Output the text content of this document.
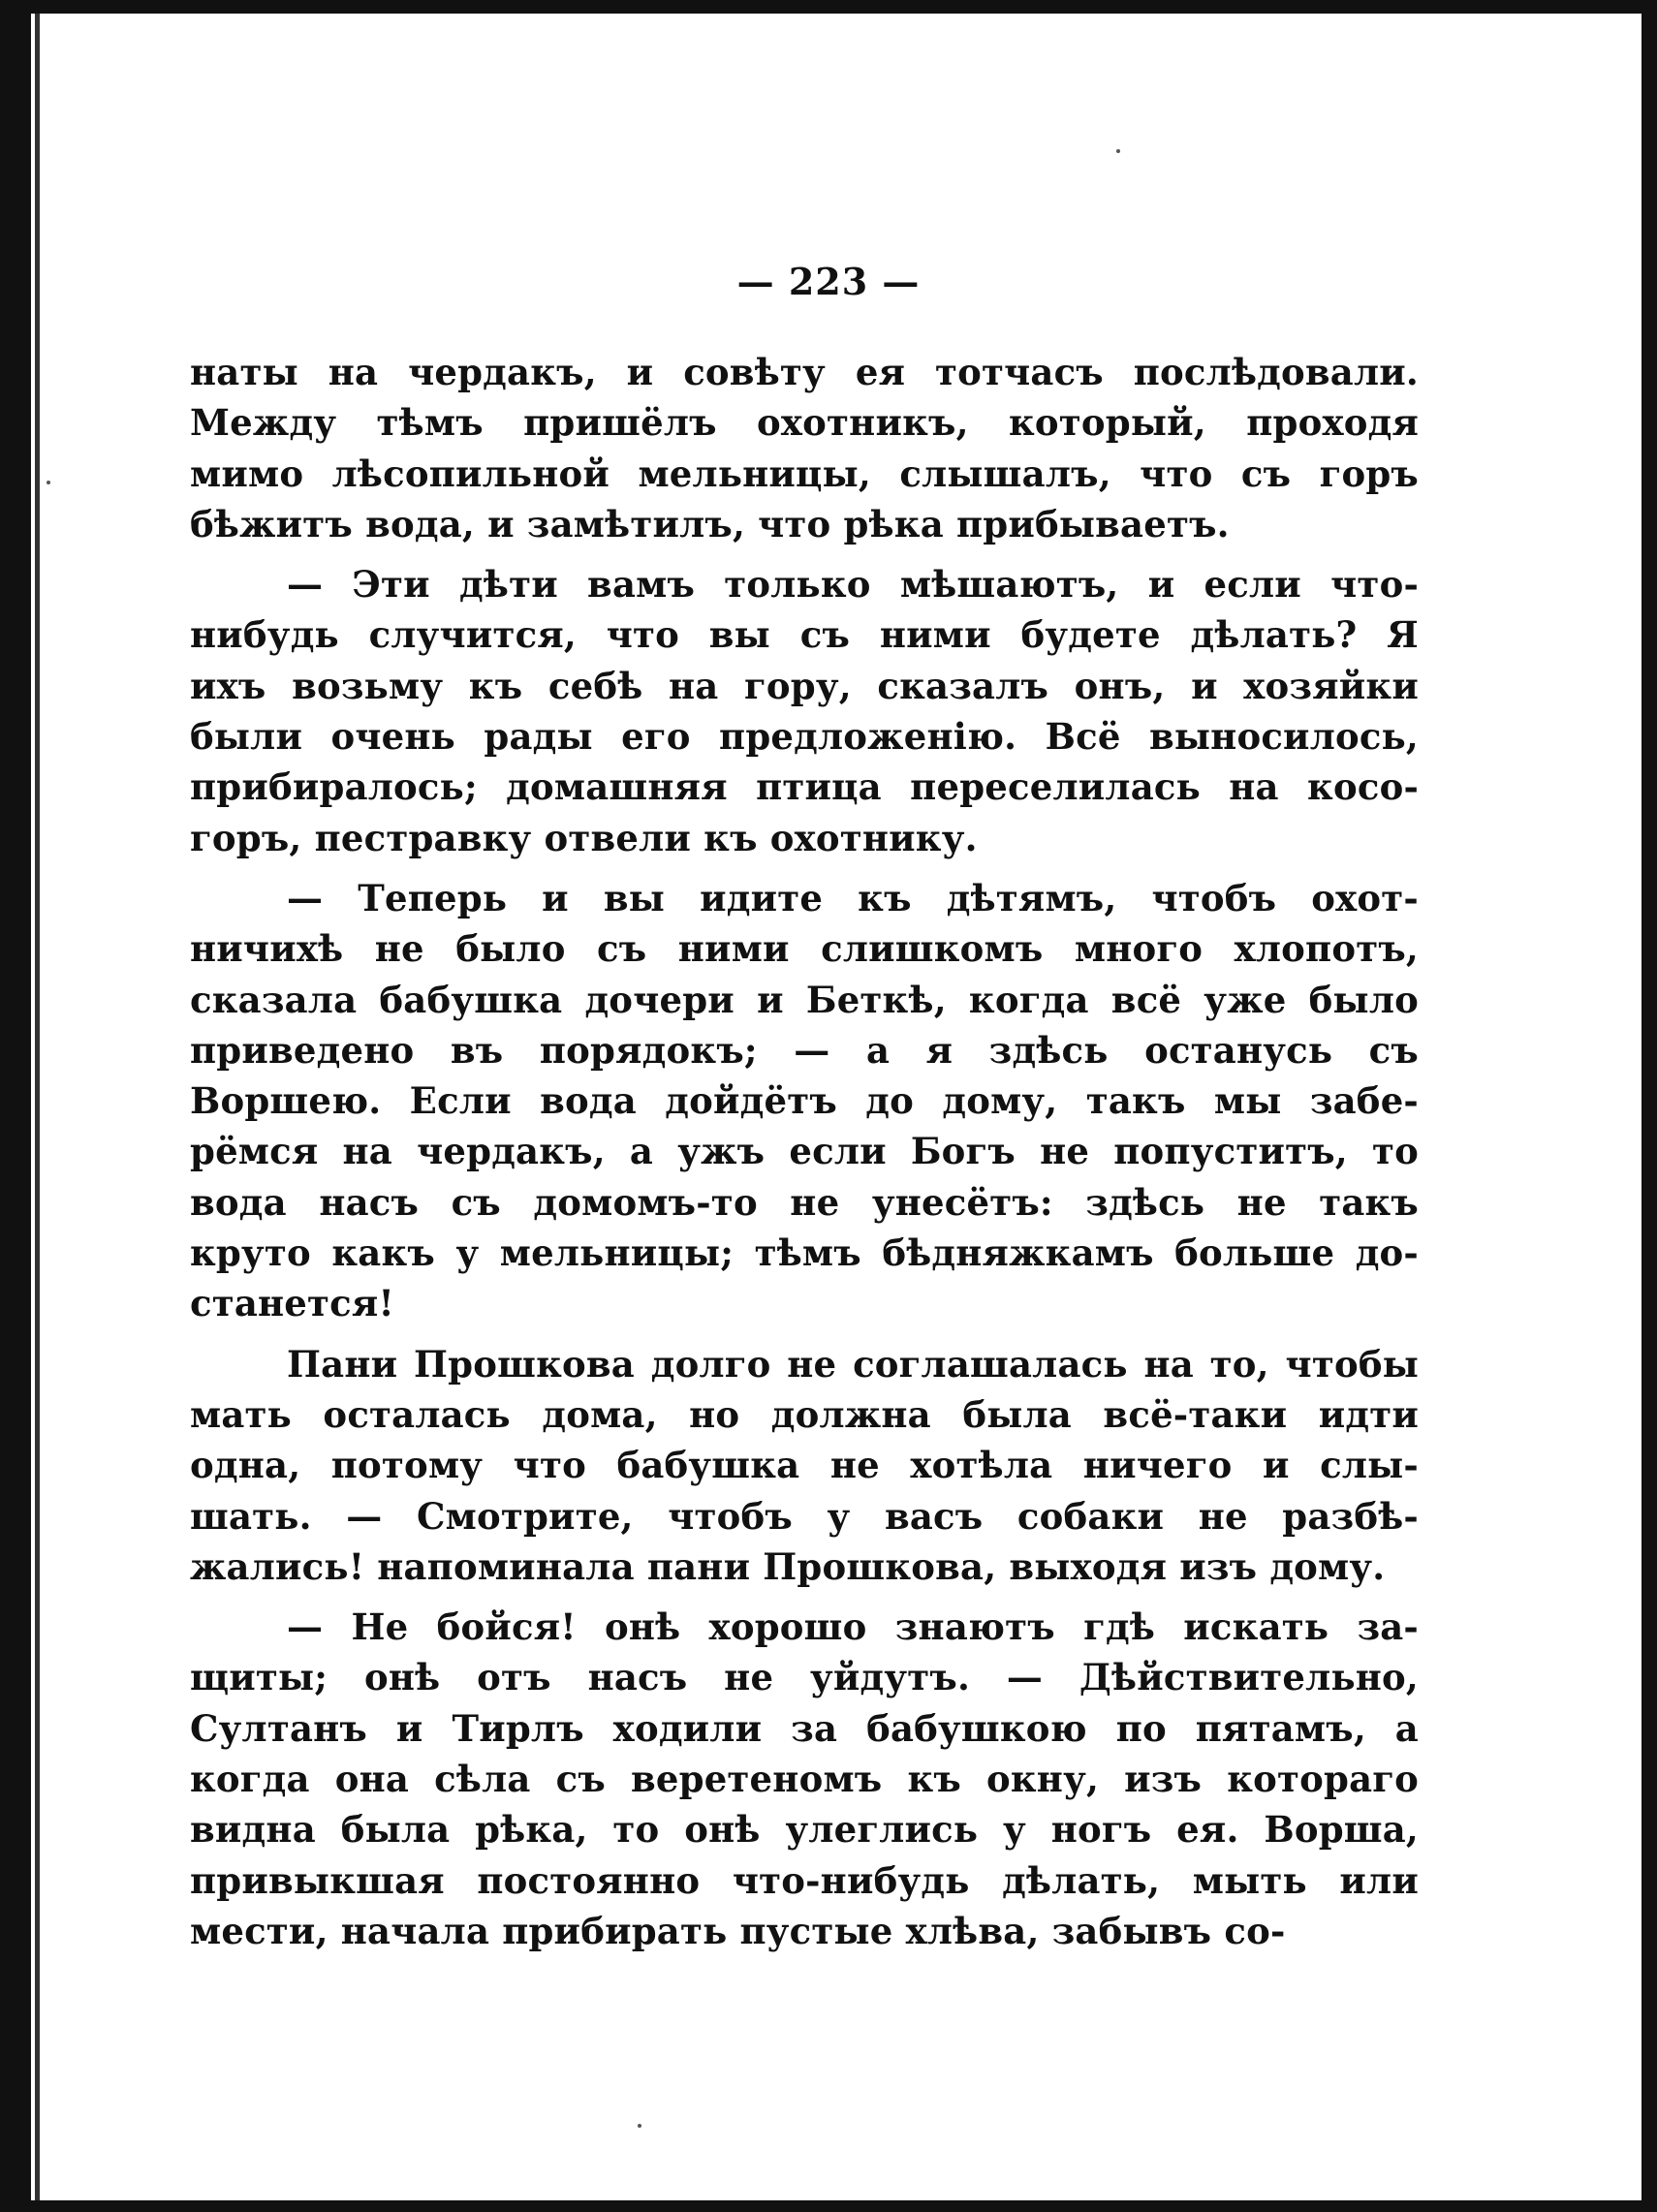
— 223 —
наты на чердакъ, и совѣту ея тотчасъ послѣдовали.
Между тѣмъ пришёлъ охотникъ, который, проходя
мимо лѣсопильной мельницы, слышалъ, что съ горъ
бѣжитъ вода, и замѣтилъ, что рѣка прибываетъ.
— Эти дѣти вамъ только мѣшаютъ, и если что-
нибудь случится, что вы съ ними будете дѣлать? Я
ихъ возьму къ себѣ на гору, сказалъ онъ, и хозяйки
были очень рады его предложенію. Всё выносилось,
прибиралось; домашняя птица переселилась на косо-
горъ, пестравку отвели къ охотнику.
— Теперь и вы идите къ дѣтямъ, чтобъ охот-
ничихѣ не было съ ними слишкомъ много хлопотъ,
сказала бабушка дочери и Беткѣ, когда всё уже было
приведено въ порядокъ; — а я здѣсь останусь съ
Воршею. Если вода дойдётъ до дому, такъ мы забе-
рёмся на чердакъ, а ужъ если Богъ не попуститъ, то
вода насъ съ домомъ-то не унесётъ: здѣсь не такъ
круто какъ у мельницы; тѣмъ бѣдняжкамъ больше до-
станется!
Пани Прошкова долго не соглашалась на то, чтобы
мать осталась дома, но должна была всё-таки идти
одна, потому что бабушка не хотѣла ничего и слы-
шать. — Смотрите, чтобъ у васъ собаки не разбѣ-
жались! напоминала пани Прошкова, выходя изъ дому.
— Не бойся! онѣ хорошо знаютъ гдѣ искать за-
щиты; онѣ отъ насъ не уйдутъ. — Дѣйствительно,
Султанъ и Тирлъ ходили за бабушкою по пятамъ, а
когда она сѣла съ веретеномъ къ окну, изъ котораго
видна была рѣка, то онѣ улеглись у ногъ ея. Ворша,
привыкшая постоянно что-нибудь дѣлать, мыть или
мести, начала прибирать пустые хлѣва, забывъ со-
